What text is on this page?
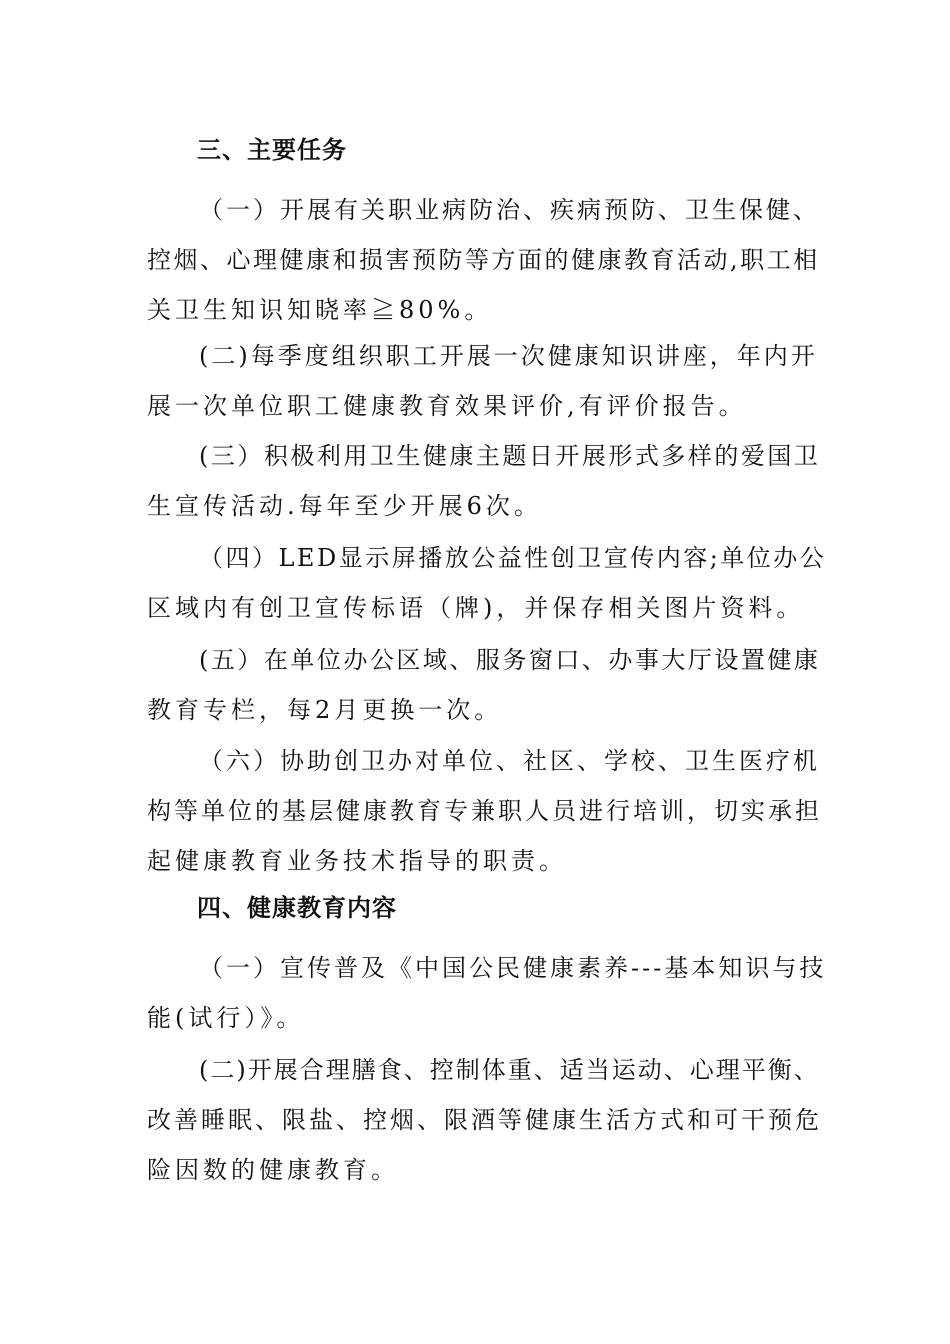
三、主要任务
（一）开展有关职业病防治、疾病预防、卫生保健、
控烟、心理健康和损害预防等方面的健康教育活动,职工相
关卫生知识知晓率≧80%。
(二)每季度组织职工开展一次健康知识讲座，年内开
展一次单位职工健康教育效果评价,有评价报告。
(三）积极利用卫生健康主题日开展形式多样的爱国卫
生宣传活动.每年至少开展6次。
（四）LED显示屏播放公益性创卫宣传内容;单位办公
区域内有创卫宣传标语（牌)，并保存相关图片资料。
(五）在单位办公区域、服务窗口、办事大厅设置健康
教育专栏，每2月更换一次。
（六）协助创卫办对单位、社区、学校、卫生医疗机
构等单位的基层健康教育专兼职人员进行培训，切实承担
起健康教育业务技术指导的职责。
四、健康教育内容
（一）宣传普及《中国公民健康素养---基本知识与技
能(试行）》。
(二)开展合理膳食、控制体重、适当运动、心理平衡、
改善睡眠、限盐、控烟、限酒等健康生活方式和可干预危
险因数的健康教育。
